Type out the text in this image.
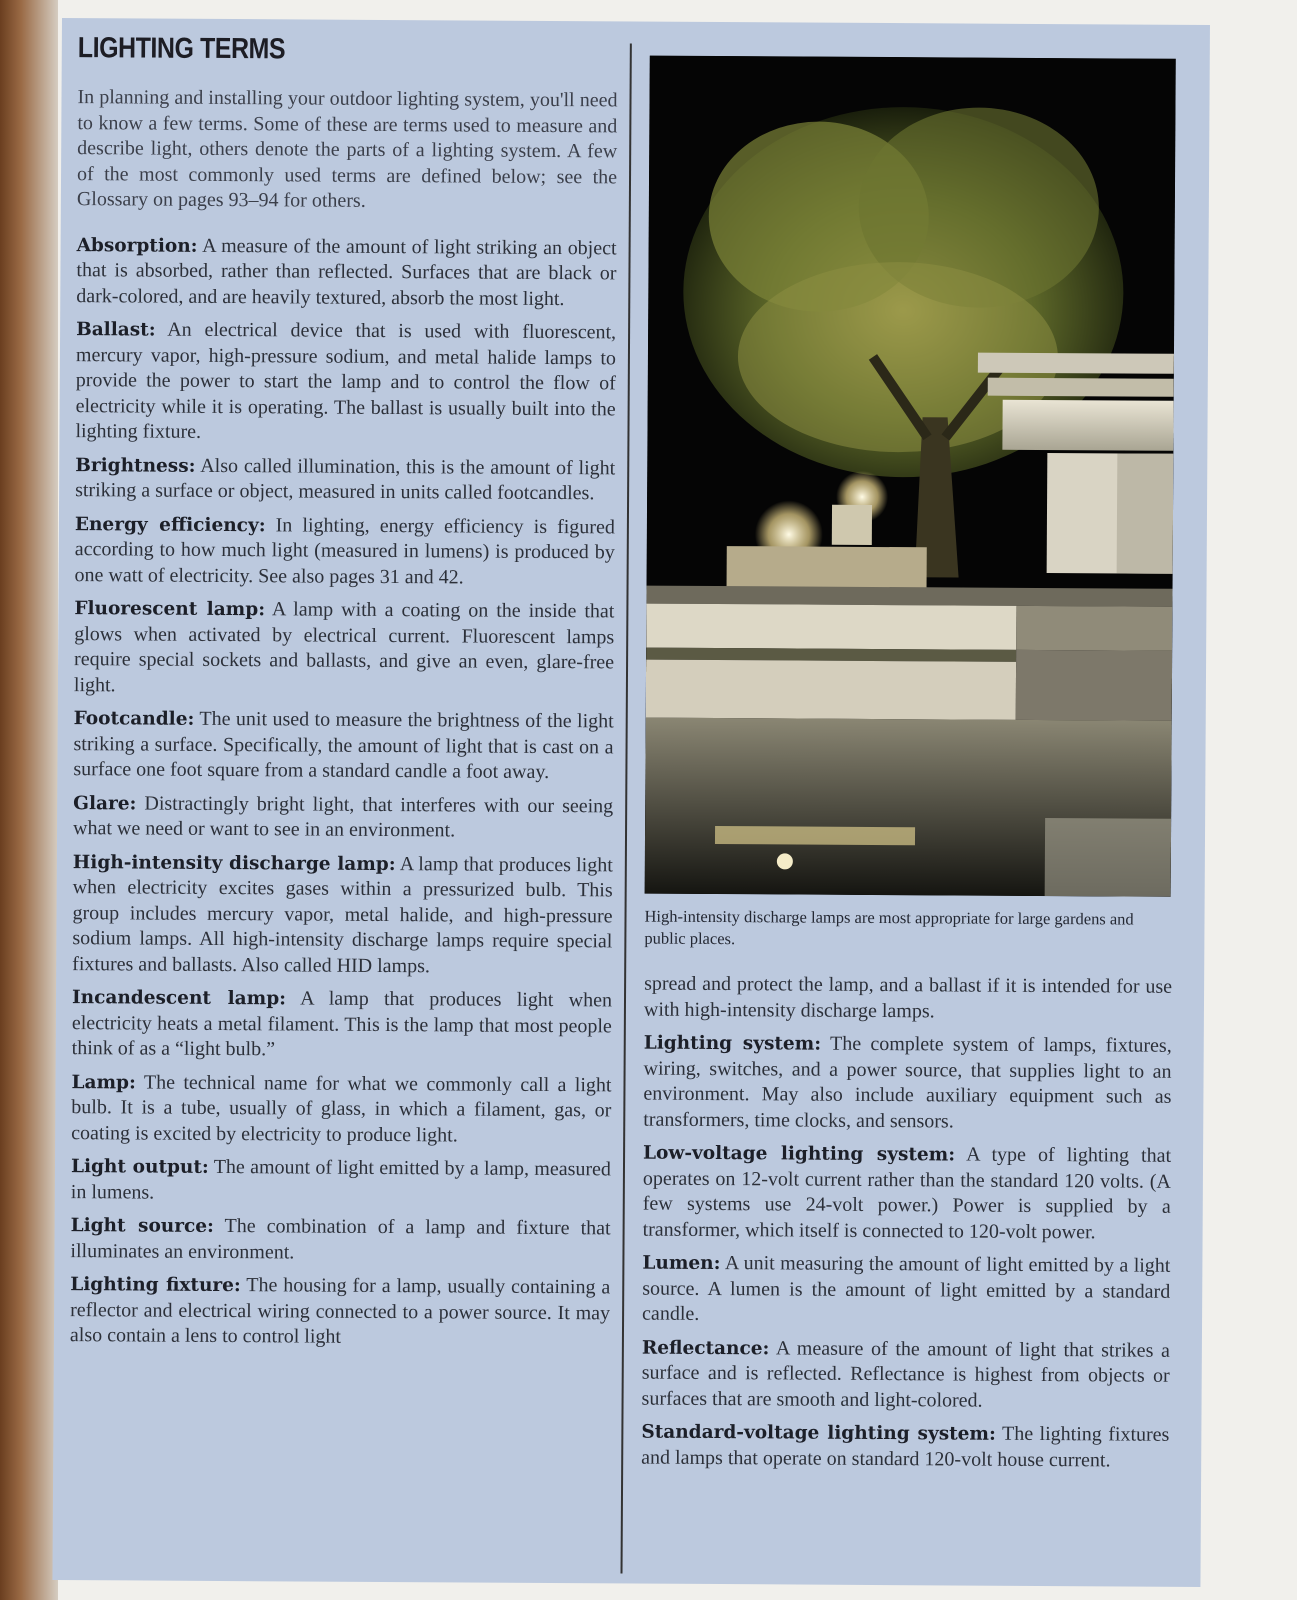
LIGHTING TERMS

In planning and installing your outdoor lighting system, you'll need to know a few terms. Some of these are terms used to measure and describe light, others denote the parts of a lighting system. A few of the most commonly used terms are defined below; see the Glossary on pages 93–94 for others.

Absorption: A measure of the amount of light striking an object that is absorbed, rather than reflected. Surfaces that are black or dark-colored, and are heavily textured, absorb the most light.

Ballast: An electrical device that is used with fluorescent, mercury vapor, high-pressure sodium, and metal halide lamps to provide the power to start the lamp and to control the flow of electricity while it is operating. The ballast is usually built into the lighting fixture.

Brightness: Also called illumination, this is the amount of light striking a surface or object, measured in units called footcandles.

Energy efficiency: In lighting, energy efficiency is figured according to how much light (measured in lumens) is produced by one watt of electricity. See also pages 31 and 42.

Fluorescent lamp: A lamp with a coating on the inside that glows when activated by electrical current. Fluorescent lamps require special sockets and ballasts, and give an even, glare-free light.

Footcandle: The unit used to measure the brightness of the light striking a surface. Specifically, the amount of light that is cast on a surface one foot square from a standard candle a foot away.

Glare: Distractingly bright light, that interferes with our seeing what we need or want to see in an environment.

High-intensity discharge lamp: A lamp that produces light when electricity excites gases within a pressurized bulb. This group includes mercury vapor, metal halide, and high-pressure sodium lamps. All high-intensity discharge lamps require special fixtures and ballasts. Also called HID lamps.

Incandescent lamp: A lamp that produces light when electricity heats a metal filament. This is the lamp that most people think of as a “light bulb.”

Lamp: The technical name for what we commonly call a light bulb. It is a tube, usually of glass, in which a filament, gas, or coating is excited by electricity to produce light.

Light output: The amount of light emitted by a lamp, measured in lumens.

Light source: The combination of a lamp and fixture that illuminates an environment.

Lighting fixture: The housing for a lamp, usually containing a reflector and electrical wiring connected to a power source. It may also contain a lens to control light

High-intensity discharge lamps are most appropriate for large gardens and public places.

spread and protect the lamp, and a ballast if it is intended for use with high-intensity discharge lamps.

Lighting system: The complete system of lamps, fixtures, wiring, switches, and a power source, that supplies light to an environment. May also include auxiliary equipment such as transformers, time clocks, and sensors.

Low-voltage lighting system: A type of lighting that operates on 12-volt current rather than the standard 120 volts. (A few systems use 24-volt power.) Power is supplied by a transformer, which itself is connected to 120-volt power.

Lumen: A unit measuring the amount of light emitted by a light source. A lumen is the amount of light emitted by a standard candle.

Reflectance: A measure of the amount of light that strikes a surface and is reflected. Reflectance is highest from objects or surfaces that are smooth and light-colored.

Standard-voltage lighting system: The lighting fixtures and lamps that operate on standard 120-volt house current.
